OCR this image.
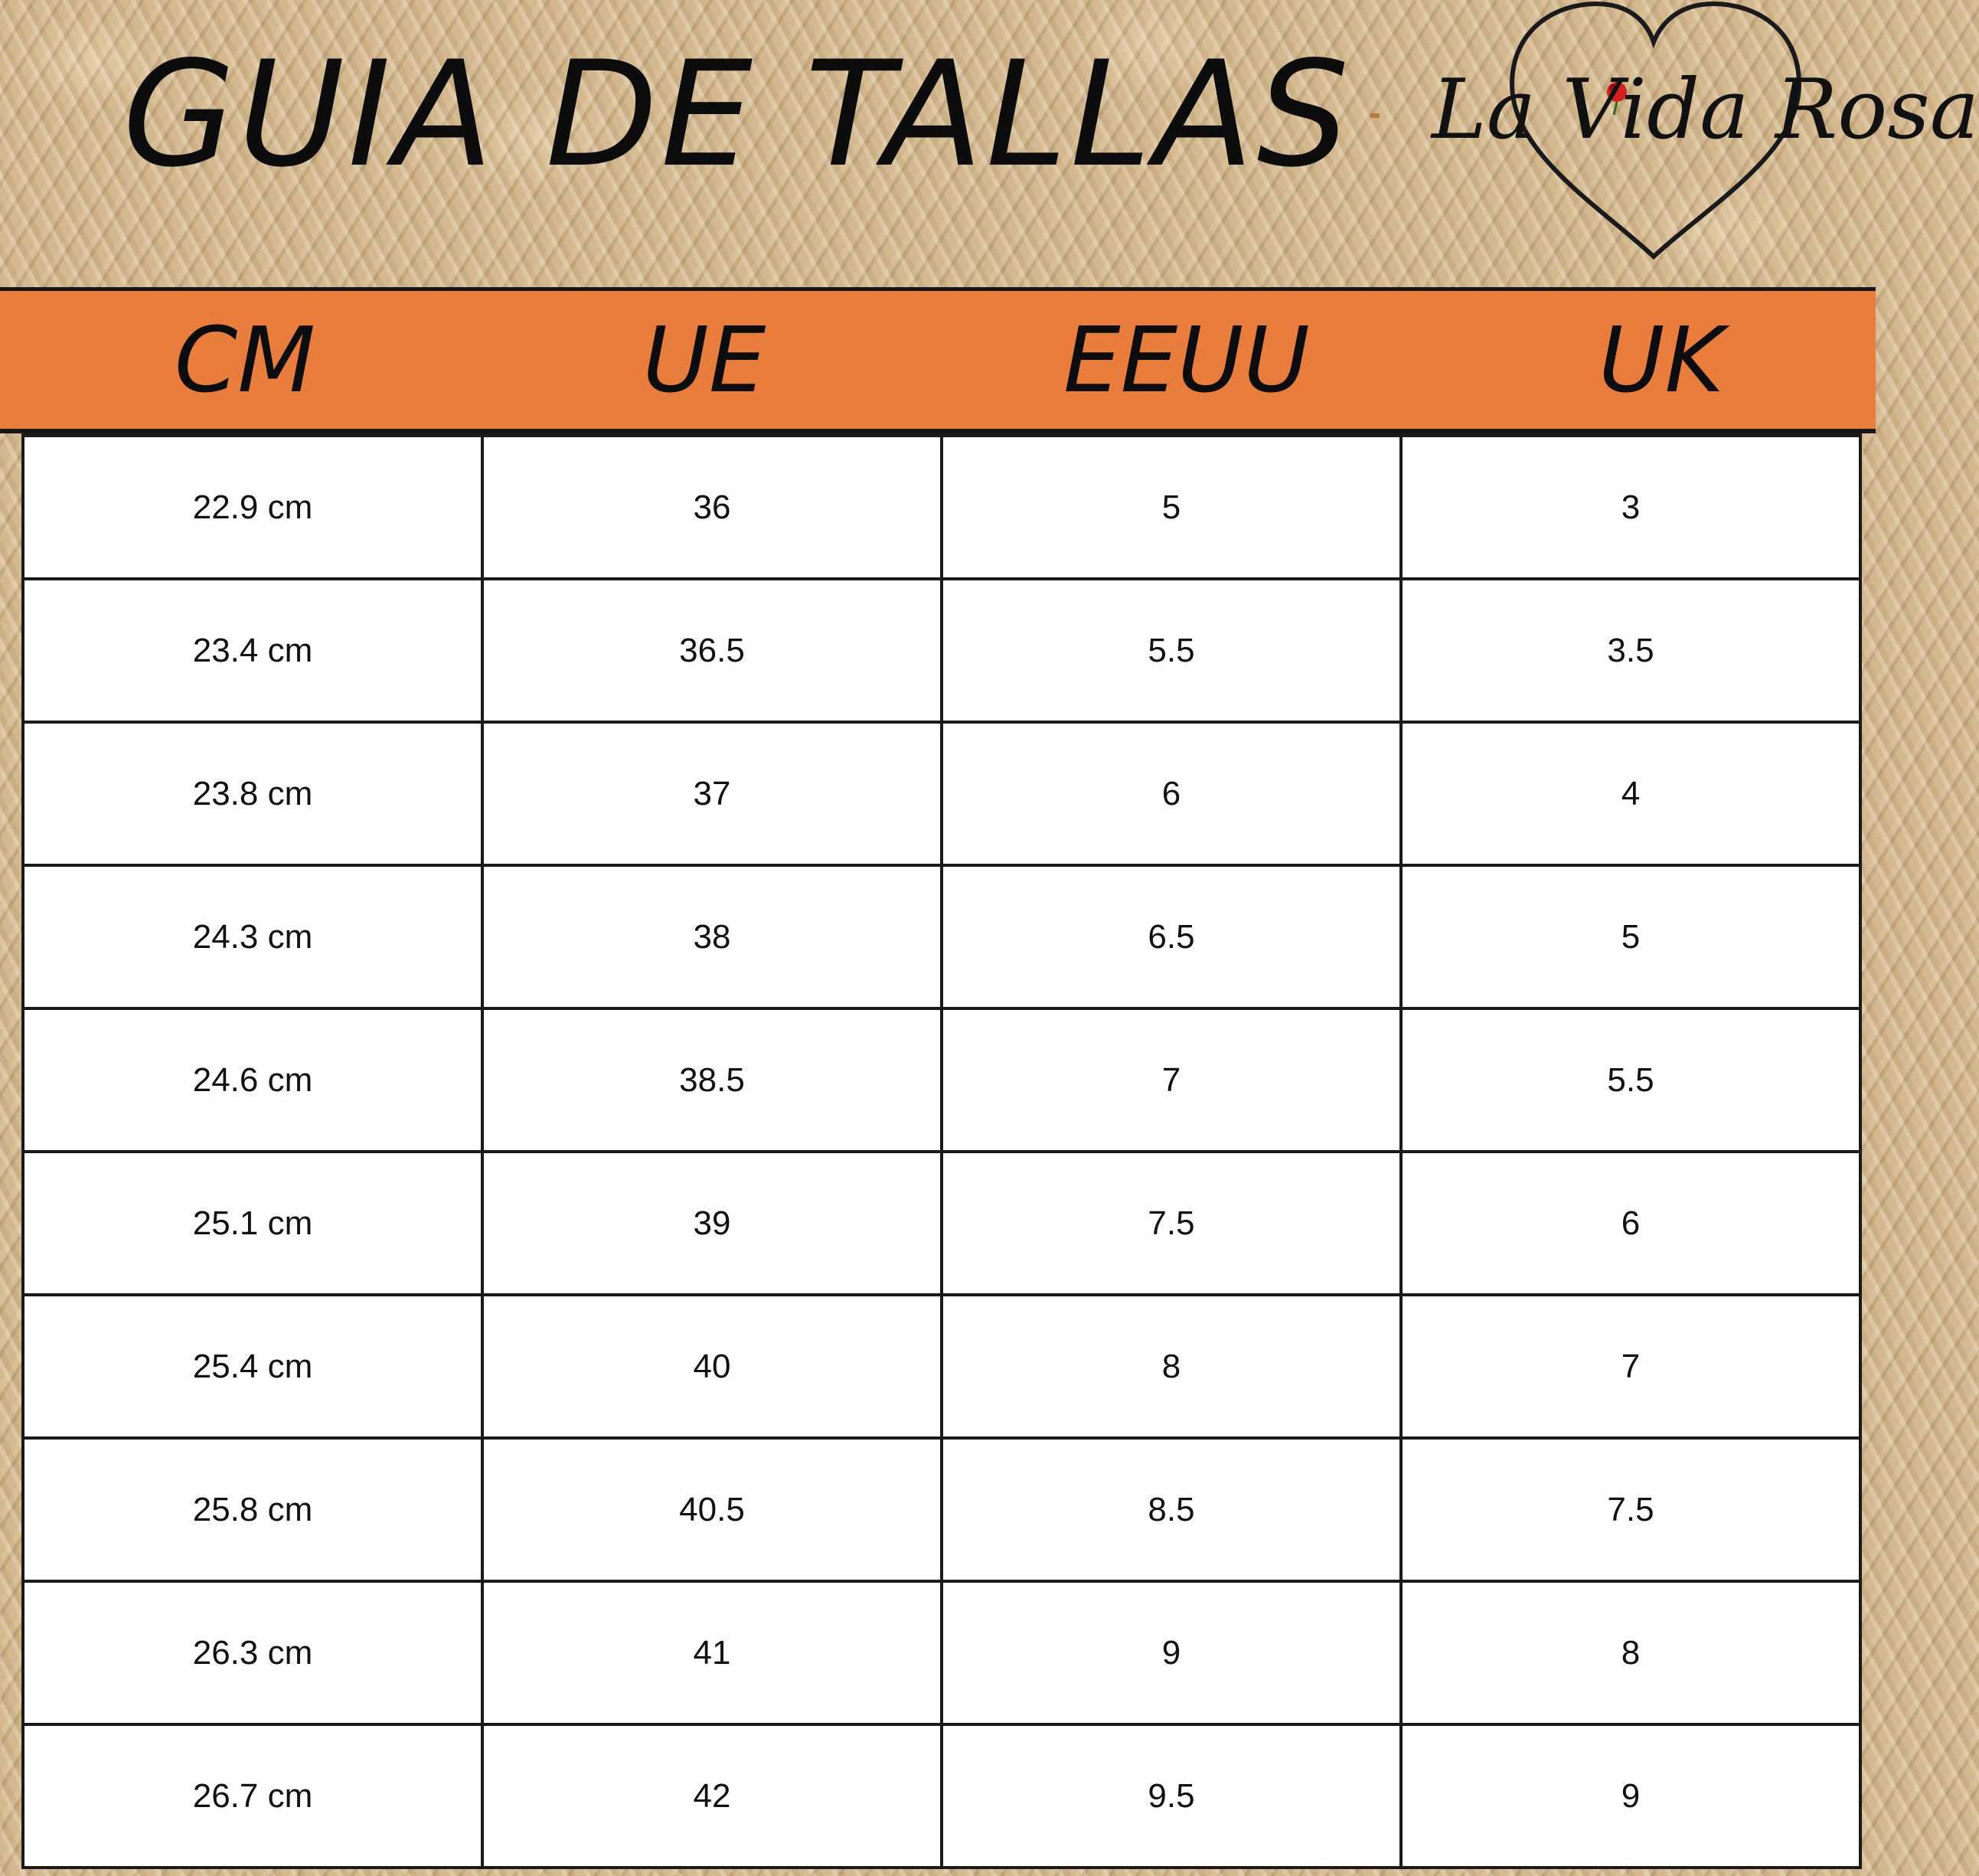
GUIA DE TALLAS La Vida Rosa
CM	UE	EEUU	UK
22.9 cm	36	5	3
23.4 cm	36.5	5.5	3.5
23.8 cm	37	6	4
24.3 cm	38	6.5	5
24.6 cm	38.5	7	5.5
25.1 cm	39	7.5	6
25.4 cm	40	8	7
25.8 cm	40.5	8.5	7.5
26.3 cm	41	9	8
26.7 cm	42	9.5	9
